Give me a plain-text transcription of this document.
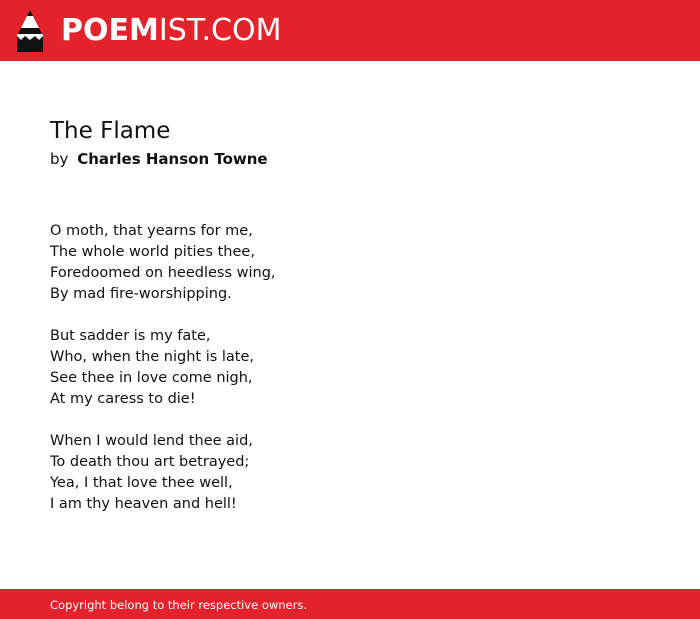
POEMIST.COM
The Flame
by Charles Hanson Towne
O moth, that yearns for me,
The whole world pities thee,
Foredoomed on heedless wing,
By mad fire-worshipping.
But sadder is my fate,
Who, when the night is late,
See thee in love come nigh,
At my caress to die!
When I would lend thee aid,
To death thou art betrayed;
Yea, I that love thee well,
I am thy heaven and hell!
Copyright belong to their respective owners.
